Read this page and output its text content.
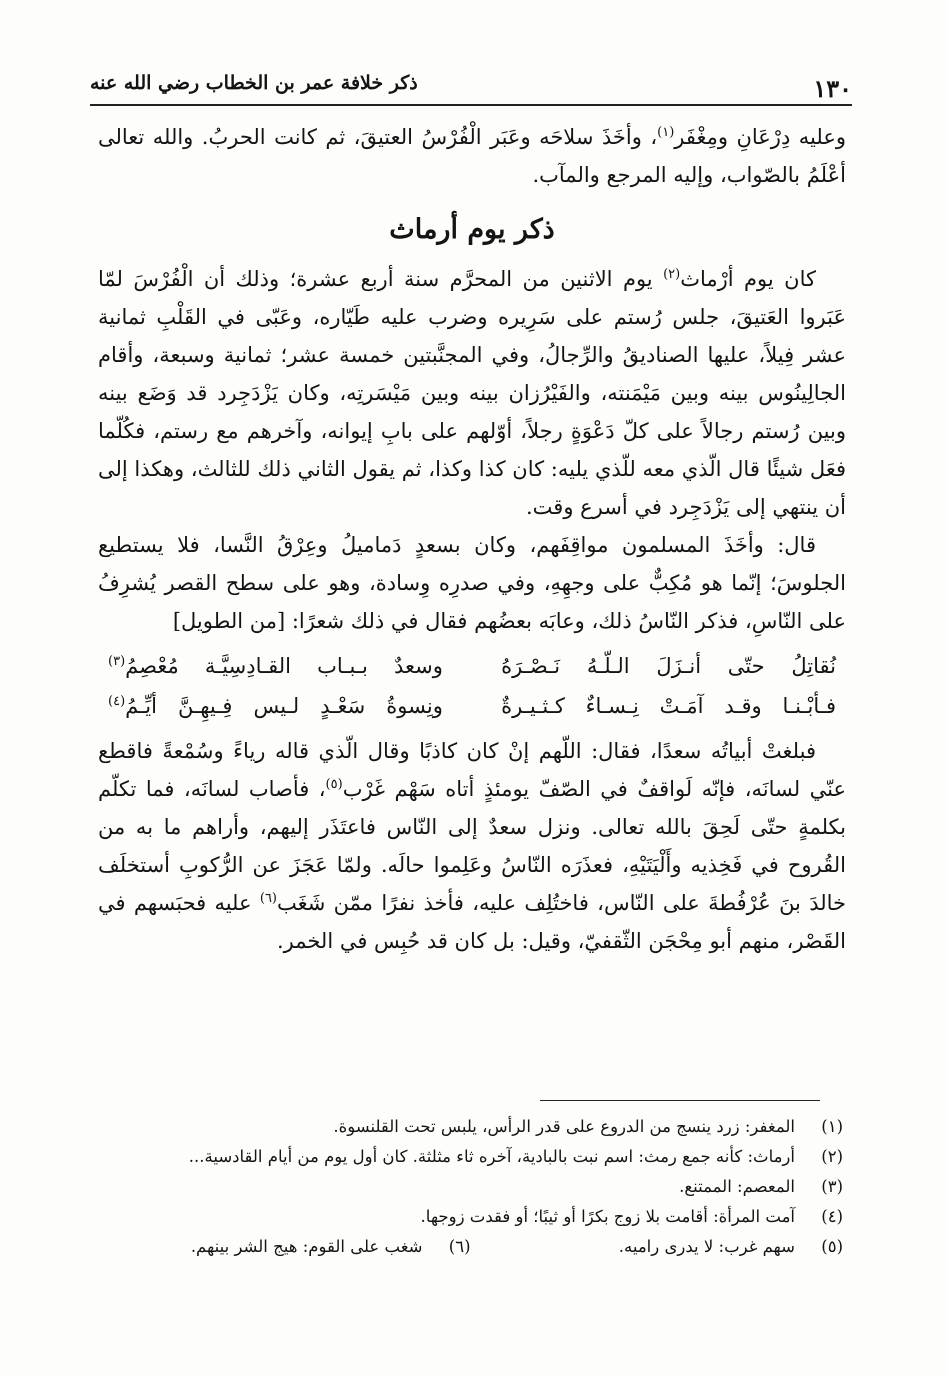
١٣٠
ذكر خلافة عمر بن الخطاب رضي الله عنه

وعليه دِرْعَانِ ومِغْفَر$^{(١)}$، وأخَذَ سلاحَه وعَبَر الْفُرْسُ العتيقَ، ثم كانت الحربُ. والله تعالى أعْلَمُ بالصّواب، وإليه المرجع والمآب.

ذكر يوم أرماث

كان يوم أرْماث$^{(٢)}$ يوم الاثنين من المحرَّم سنة أربع عشرة؛ وذلك أن الْفُرْسَ لمّا عَبَروا العَتيقَ، جلس رُستم على سَرِيره وضرب عليه طَيّاره، وعَبّى في القَلْبِ ثمانية عشر فِيلاً، عليها الصناديقُ والرِّجالُ، وفي المجنَّبتين خمسة عشر؛ ثمانية وسبعة، وأقام الجالِينُوس بينه وبين مَيْمَنته، والفَيْرُزان بينه وبين مَيْسَرتِه، وكان يَزْدَجِرد قد وَضَع بينه وبين رُستم رجالاً على كلّ دَعْوَةٍ رجلاً، أوّلهم على بابِ إيوانه، وآخرهم مع رستم، فكُلّما فعَل شيئًا قال الّذي معه للّذي يليه: كان كذا وكذا، ثم يقول الثاني ذلك للثالث، وهكذا إلى أن ينتهي إلى يَزْدَجِرد في أسرع وقت.

قال: وأخَذَ المسلمون مواقِفَهم، وكان بسعدٍ دَماميلُ وعِرْقُ النَّسا، فلا يستطيع الجلوسَ؛ إنّما هو مُكِبٌّ على وجهِهِ، وفي صدرِه وِسادة، وهو على سطح القصر يُشرِفُ على النّاسِ، فذكر النّاسُ ذلك، وعابَه بعضُهم فقال في ذلك شعرًا: [من الطويل]

نُقاتِلُ حتّى أنـزَلَ الـلّـهُ نَـصْـرَهُ
وسعدٌ بـبـاب القـادِسِيَّـة مُعْصِمُ$^{(٣)}$
فـأبْـنـا وقـد آمَـتْ نِـسـاءٌ كـثـيـرةٌ
ونِسوةُ سَعْـدٍ لـيس فِـيهِـنَّ أيِّـمُ$^{(٤)}$

فبلغتْ أبياتُه سعدًا، فقال: اللّهم إنْ كان كاذبًا وقال الّذي قاله رياءً وسُمْعةً فاقطع عنّي لسانَه، فإنّه لَواقفٌ في الصّفّ يومئذٍ أتاه سَهْم غَرْب$^{(٥)}$، فأصاب لسانَه، فما تكلّم بكلمةٍ حتّى لَحِقَ بالله تعالى. ونزل سعدٌ إلى النّاس فاعتَذَر إليهم، وأراهم ما به من القُروح في فَخِذيه وأَلْيَتَيْهِ، فعذَرَه النّاسُ وعَلِموا حالَه. ولمّا عَجَزَ عن الرُّكوبِ أستخلَف خالدَ بنَ عُرْفُطةَ على النّاس، فاختُلِف عليه، فأخذ نفرًا ممّن شَغَب$^{(٦)}$ عليه فحبَسهم في القَصْر، منهم أبو مِحْجَن الثّقفيّ، وقيل: بل كان قد حُبِس في الخمر.

(١)
المغفر: زرد ينسج من الدروع على قدر الرأس، يلبس تحت القلنسوة.
(٢)
أرماث: كأنه جمع رمث: اسم نبت بالبادية، آخره ثاء مثلثة. كان أول يوم من أيام القادسية...
(٣)
المعصم: الممتنع.
(٤)
آمت المرأة: أقامت بلا زوج بكرًا أو ثيبًا؛ أو فقدت زوجها.
(٥)
سهم غرب: لا يدرى راميه.
(٦)
شغب على القوم: هيج الشر بينهم.
